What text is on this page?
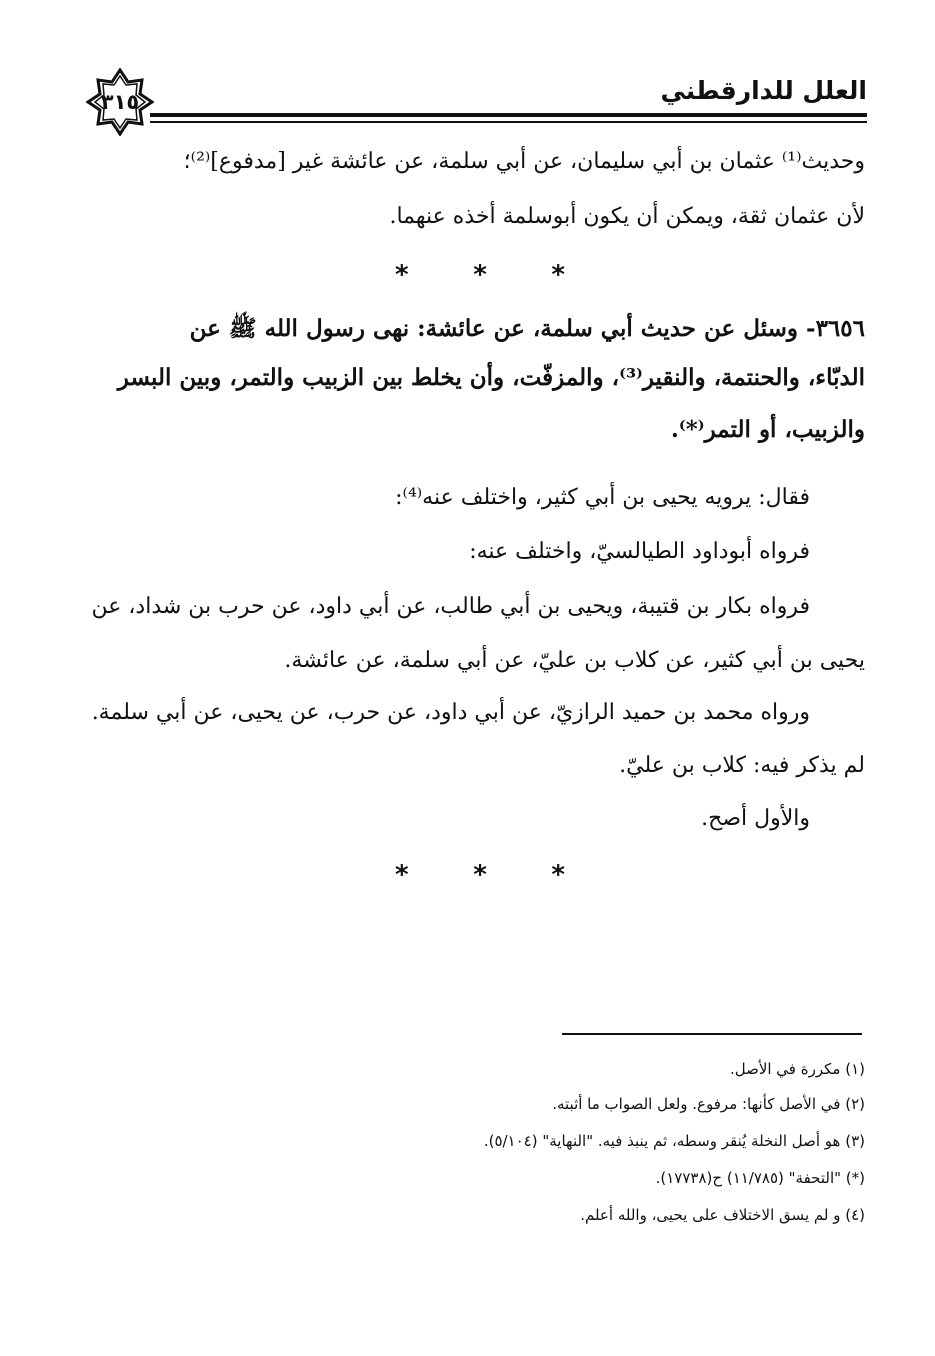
العلل للدارقطني
٣١٥
وحديث⁽¹⁾ عثمان بن أبي سليمان، عن أبي سلمة، عن عائشة غير [مدفوع]⁽²⁾؛
لأن عثمان ثقة، ويمكن أن يكون أبوسلمة أخذه عنهما.
* * *
٣٦٥٦- وسئل عن حديث أبي سلمة، عن عائشة: نهى رسول الله ﷺ عن
الدبّاء، والحنتمة، والنقير⁽³⁾، والمزفّت، وأن يخلط بين الزبيب والتمر، وبين البسر
والزبيب، أو التمر⁽*⁾.
فقال: يرويه يحيى بن أبي كثير، واختلف عنه⁽⁴⁾:
فرواه أبوداود الطيالسيّ، واختلف عنه:
فرواه بكار بن قتيبة، ويحيى بن أبي طالب، عن أبي داود، عن حرب بن شداد، عن
يحيى بن أبي كثير، عن كلاب بن عليّ، عن أبي سلمة، عن عائشة.
ورواه محمد بن حميد الرازيّ، عن أبي داود، عن حرب، عن يحيى، عن أبي سلمة.
لم يذكر فيه: كلاب بن عليّ.
والأول أصح.
* * *
(١) مكررة في الأصل.
(٢) في الأصل كأنها: مرفوع. ولعل الصواب ما أثبته.
(٣) هو أصل النخلة يُنقر وسطه، ثم ينبذ فيه. "النهاية" (٥/١٠٤).
(*) "التحفة" (١١/٧٨٥) ح(١٧٧٣٨).
(٤) و لم يسق الاختلاف على يحيى، والله أعلم.
